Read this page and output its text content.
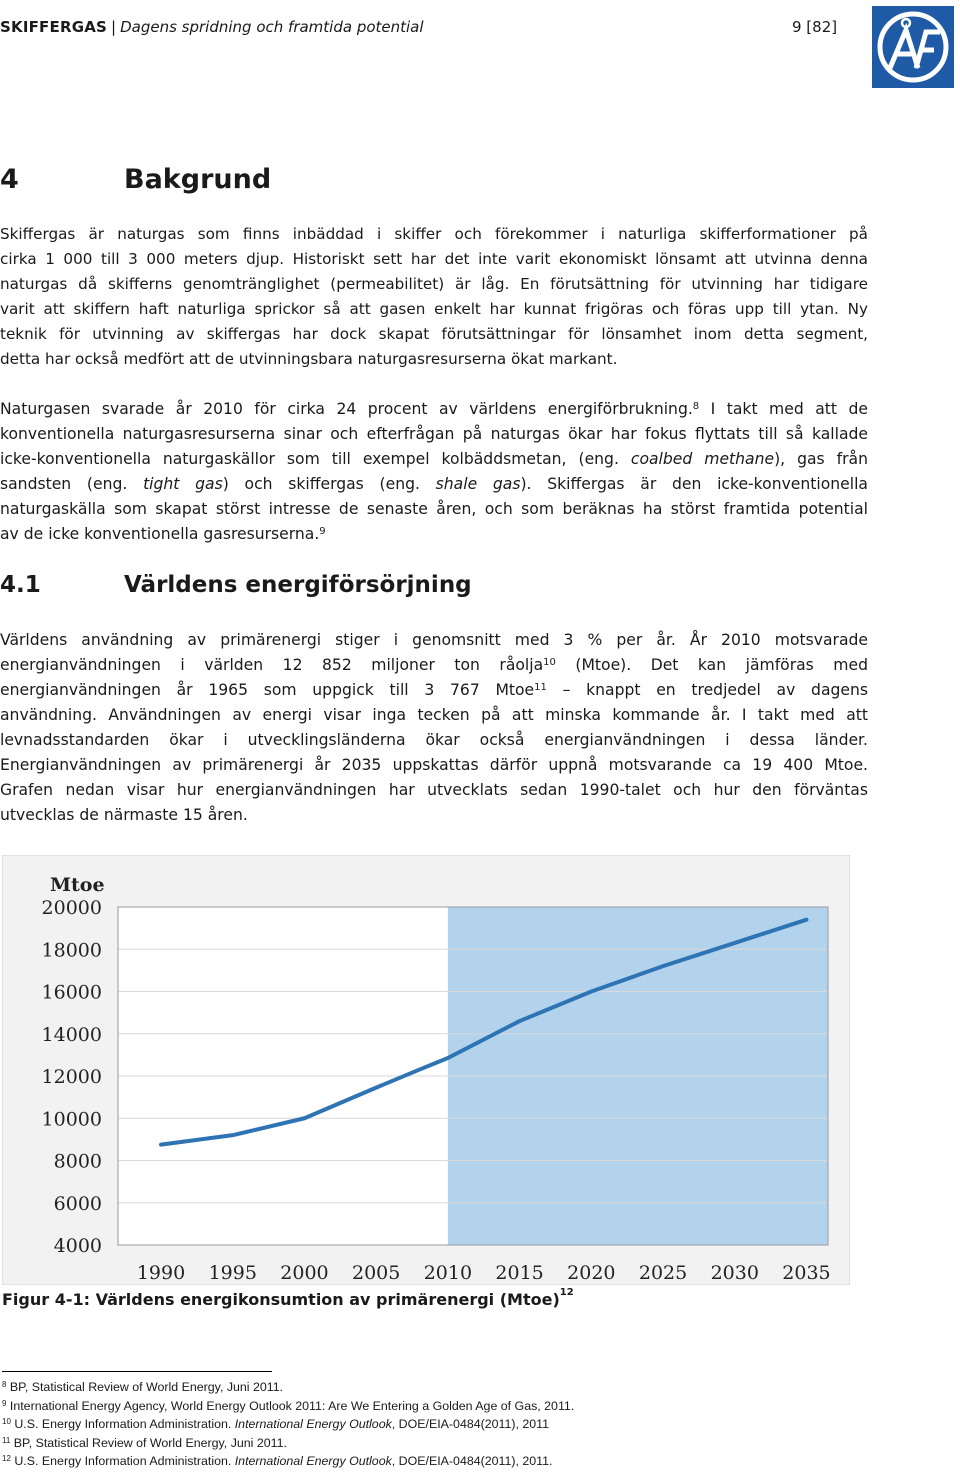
SKIFFERGAS | Dagens spridning och framtida potential	9 [82]
4	Bakgrund
Skiffergas är naturgas som finns inbäddad i skiffer och förekommer i naturliga skifferformationer på
cirka 1 000 till 3 000 meters djup. Historiskt sett har det inte varit ekonomiskt lönsamt att utvinna denna
naturgas då skifferns genomtränglighet (permeabilitet) är låg. En förutsättning för utvinning har tidigare
varit att skiffern haft naturliga sprickor så att gasen enkelt har kunnat frigöras och föras upp till ytan. Ny
teknik för utvinning av skiffergas har dock skapat förutsättningar för lönsamhet inom detta segment,
detta har också medfört att de utvinningsbara naturgasresurserna ökat markant.
Naturgasen svarade år 2010 för cirka 24 procent av världens energiförbrukning.$^8$ I takt med att de
konventionella naturgasresurserna sinar och efterfrågan på naturgas ökar har fokus flyttats till så kallade
icke-konventionella naturgaskällor som till exempel kolbäddsmetan, (eng. coalbed methane), gas från
sandsten (eng. tight gas) och skiffergas (eng. shale gas). Skiffergas är den icke-konventionella
naturgaskälla som skapat störst intresse de senaste åren, och som beräknas ha störst framtida potential
av de icke konventionella gasresurserna.$^9$
4.1	Världens energiförsörjning
Världens användning av primärenergi stiger i genomsnitt med 3 % per år. År 2010 motsvarade
energianvändningen i världen 12 852 miljoner ton råolja$^{10}$ (Mtoe). Det kan jämföras med
energianvändningen år 1965 som uppgick till 3 767 Mtoe$^{11}$ – knappt en tredjedel av dagens
användning. Användningen av energi visar inga tecken på att minska kommande år. I takt med att
levnadsstandarden ökar i utvecklingsländerna ökar också energianvändningen i dessa länder.
Energianvändningen av primärenergi år 2035 uppskattas därför uppnå motsvarande ca 19 400 Mtoe.
Grafen nedan visar hur energianvändningen har utvecklats sedan 1990-talet och hur den förväntas
utvecklas de närmaste 15 åren.
Mtoe
4000
6000
8000
10000
12000
14000
16000
18000
20000
1990 1995 2000 2005 2010 2015 2020 2025 2030 2035
Figur 4-1: Världens energikonsumtion av primärenergi (Mtoe)$^{12}$
$^8$ BP, Statistical Review of World Energy, Juni 2011.
$^9$ International Energy Agency, World Energy Outlook 2011: Are We Entering a Golden Age of Gas, 2011.
$^{10}$ U.S. Energy Information Administration. International Energy Outlook, DOE/EIA-0484(2011), 2011
$^{11}$ BP, Statistical Review of World Energy, Juni 2011.
$^{12}$ U.S. Energy Information Administration. International Energy Outlook, DOE/EIA-0484(2011), 2011.
